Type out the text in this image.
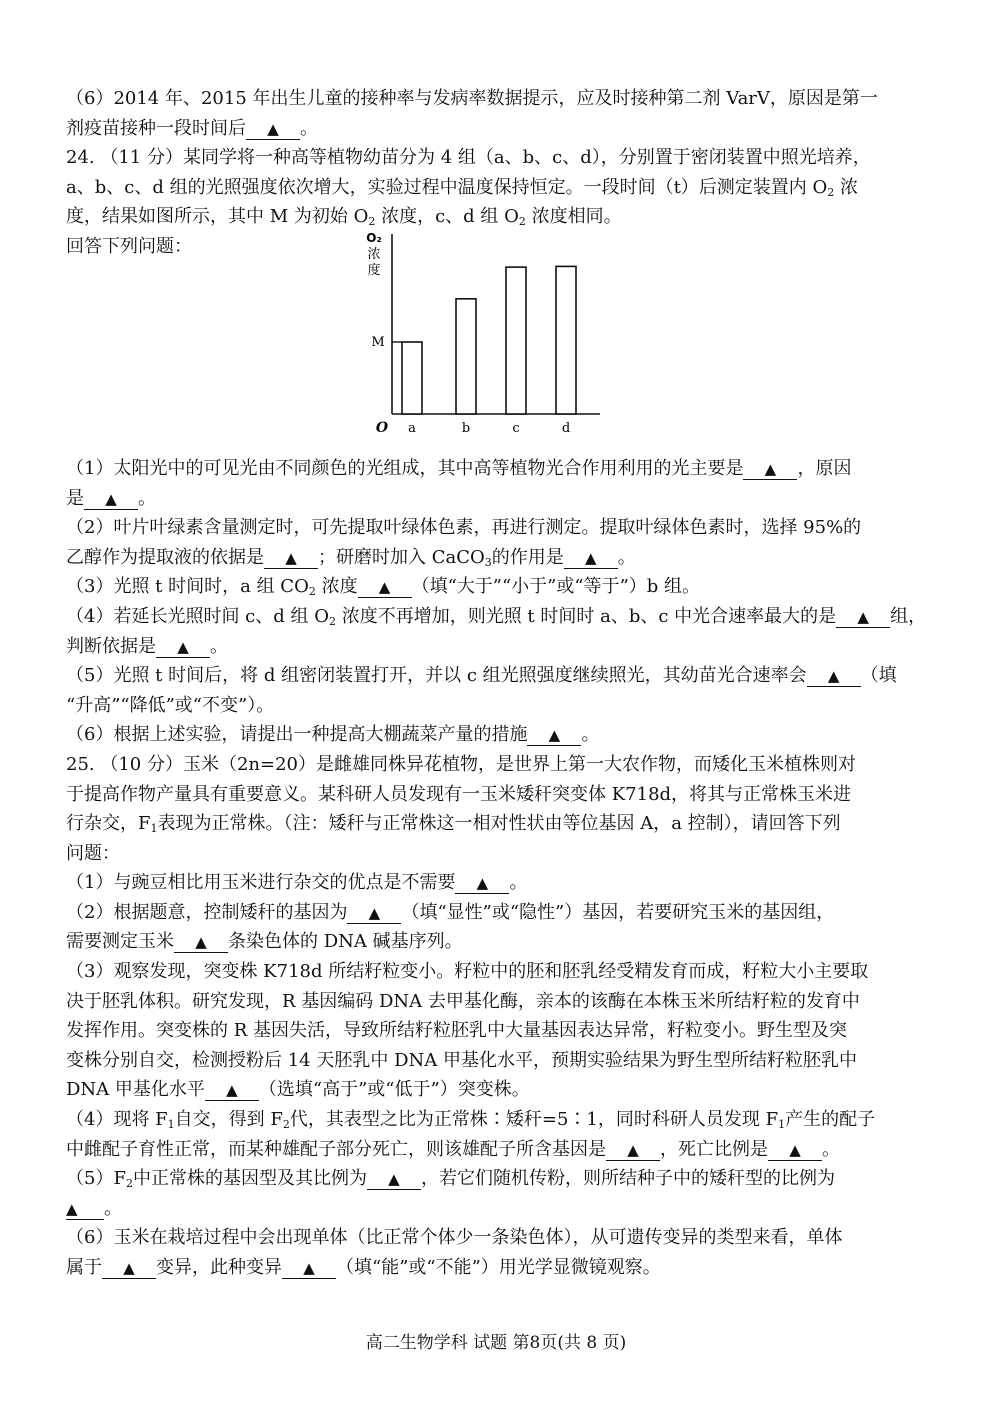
（6）2014 年、2015 年出生儿童的接种率与发病率数据提示，应及时接种第二剂 VarV，原因是第一

剂疫苗接种一段时间后 ▲ 。

24. （11 分）某同学将一种高等植物幼苗分为 4 组（a、b、c、d），分别置于密闭装置中照光培养，

a、b、c、d 组的光照强度依次增大，实验过程中温度保持恒定。一段时间（t）后测定装置内 $O_2$ 浓

度，结果如图所示，其中 M 为初始 $O_2$ 浓度，c、d 组 $O_2$ 浓度相同。

回答下列问题：	O₂
浓
度
O
M
a	b	c	d

（1）太阳光中的可见光由不同颜色的光组成，其中高等植物光合作用利用的光主要是 ▲ ，原因

是 ▲ 。

（2）叶片叶绿素含量测定时，可先提取叶绿体色素，再进行测定。提取叶绿体色素时，选择 95%的

乙醇作为提取液的依据是 ▲ ；研磨时加入 CaCO$_3$的作用是 ▲ 。

（3）光照 t 时间时，a 组 $CO_2$ 浓度 ▲ （填“大于”“小于”或“等于”）b 组。

（4）若延长光照时间 c、d 组 $O_2$ 浓度不再增加，则光照 t 时间时 a、b、c 中光合速率最大的是 ▲ 组，

判断依据是 ▲ 。

（5）光照 t 时间后，将 d 组密闭装置打开，并以 c 组光照强度继续照光，其幼苗光合速率会 ▲ （填

“升高”“降低”或“不变”）。

（6）根据上述实验，请提出一种提高大棚蔬菜产量的措施 ▲ 。

25. （10 分）玉米（2n=20）是雌雄同株异花植物，是世界上第一大农作物，而矮化玉米植株则对

于提高作物产量具有重要意义。某科研人员发现有一玉米矮秆突变体 K718d，将其与正常株玉米进

行杂交，$F_1$表现为正常株。（注：矮秆与正常株这一相对性状由等位基因 A，a 控制），请回答下列

问题：

（1）与豌豆相比用玉米进行杂交的优点是不需要 ▲ 。

（2）根据题意，控制矮秆的基因为 ▲ （填“显性”或“隐性”）基因，若要研究玉米的基因组，

需要测定玉米 ▲ 条染色体的 DNA 碱基序列。

（3）观察发现，突变株 K718d 所结籽粒变小。籽粒中的胚和胚乳经受精发育而成，籽粒大小主要取

决于胚乳体积。研究发现，R 基因编码 DNA 去甲基化酶，亲本的该酶在本株玉米所结籽粒的发育中

发挥作用。突变株的 R 基因失活，导致所结籽粒胚乳中大量基因表达异常，籽粒变小。野生型及突

变株分别自交，检测授粉后 14 天胚乳中 DNA 甲基化水平，预期实验结果为野生型所结籽粒胚乳中

DNA 甲基化水平 ▲ （选填“高于”或“低于”）突变株。

（4）现将 $F_1$自交，得到 $F_2$代，其表型之比为正常株∶矮秆=5∶1，同时科研人员发现 $F_1$产生的配子

中雌配子育性正常，而某种雄配子部分死亡，则该雄配子所含基因是 ▲ ，死亡比例是 ▲ 。

$(5)F_2$中正常株的基因型及其比例为 ▲ ，若它们随机传粉，则所结种子中的矮秆型的比例为

▲ 。

（6）玉米在栽培过程中会出现单体（比正常个体少一条染色体），从可遗传变异的类型来看，单体

属于 ▲ 变异，此种变异 ▲ （填“能”或“不能”）用光学显微镜观察。

高二生物学科 试题 第8页(共 8 页)
